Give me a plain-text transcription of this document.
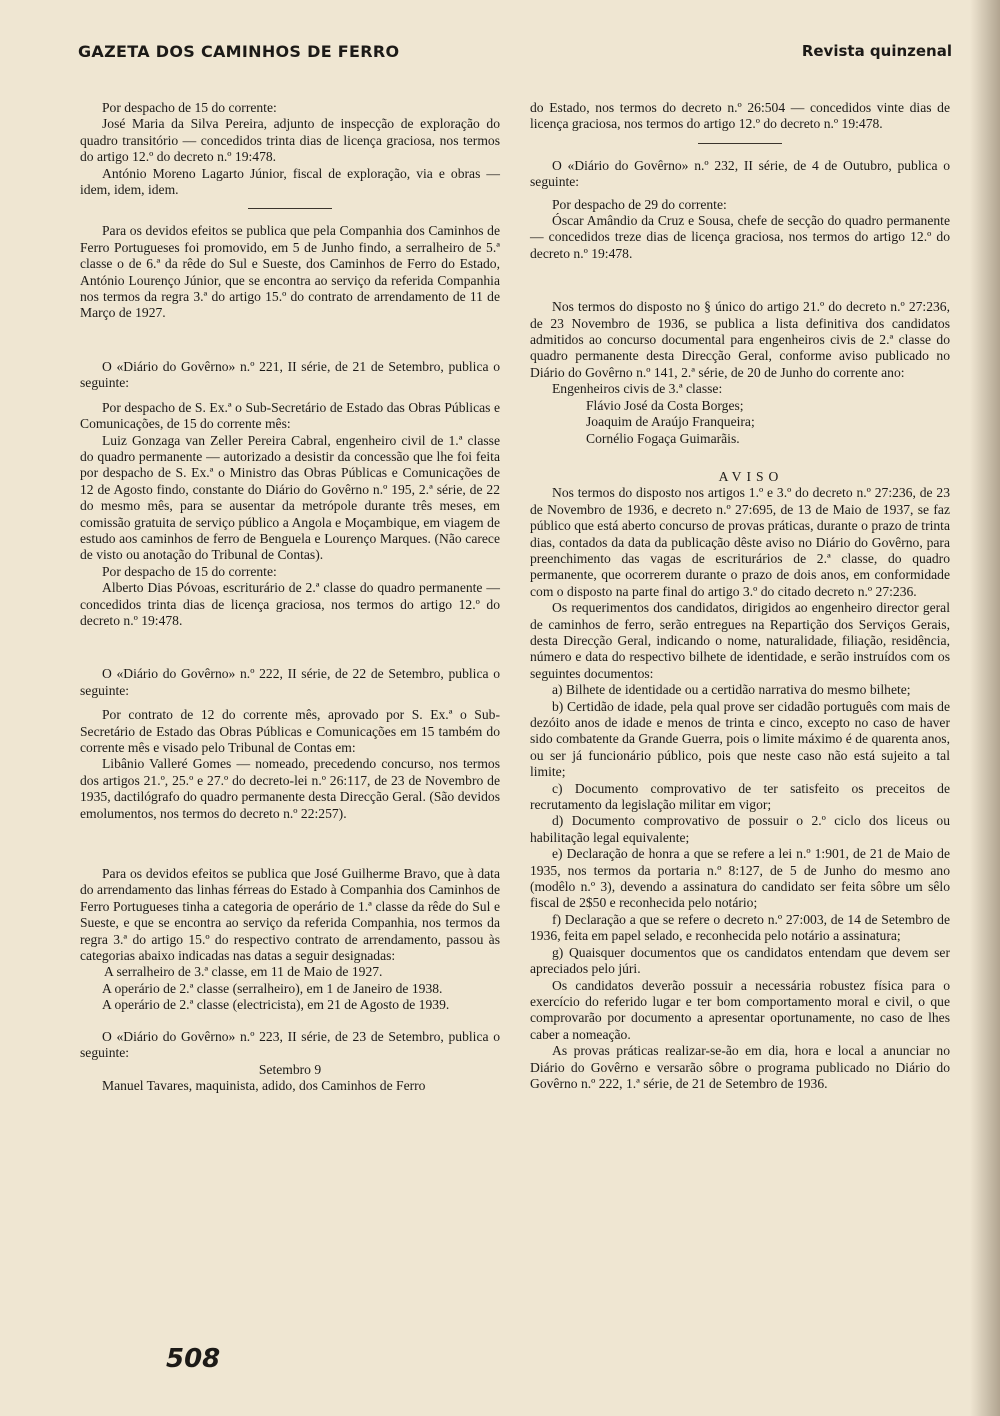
GAZETA DOS CAMINHOS DE FERRO	Revista quinzenal

Por despacho de 15 do corrente:

José Maria da Silva Pereira, adjunto de inspecção de exploração do quadro transitório — concedidos trinta dias de licença graciosa, nos termos do artigo 12.º do decreto n.º 19:478.

António Moreno Lagarto Júnior, fiscal de exploração, via e obras — idem, idem, idem.

Para os devidos efeitos se publica que pela Companhia dos Caminhos de Ferro Portugueses foi promovido, em 5 de Junho findo, a serralheiro de 5.ª classe o de 6.ª da rêde do Sul e Sueste, dos Caminhos de Ferro do Estado, António Lourenço Júnior, que se encontra ao serviço da referida Companhia nos termos da regra 3.ª do artigo 15.º do contrato de arrendamento de 11 de Março de 1927.

O «Diário do Govêrno» n.º 221, II série, de 21 de Setembro, publica o seguinte:

Por despacho de S. Ex.ª o Sub-Secretário de Estado das Obras Públicas e Comunicações, de 15 do corrente mês:

Luiz Gonzaga van Zeller Pereira Cabral, engenheiro civil de 1.ª classe do quadro permanente — autorizado a desistir da concessão que lhe foi feita por despacho de S. Ex.ª o Ministro das Obras Públicas e Comunicações de 12 de Agosto findo, constante do Diário do Govêrno n.º 195, 2.ª série, de 22 do mesmo mês, para se ausentar da metrópole durante três meses, em comissão gratuita de serviço público a Angola e Moçambique, em viagem de estudo aos caminhos de ferro de Benguela e Lourenço Marques. (Não carece de visto ou anotação do Tribunal de Contas).

Por despacho de 15 do corrente:

Alberto Dias Póvoas, escriturário de 2.ª classe do quadro permanente — concedidos trinta dias de licença graciosa, nos termos do artigo 12.º do decreto n.º 19:478.

O «Diário do Govêrno» n.º 222, II série, de 22 de Setembro, publica o seguinte:

Por contrato de 12 do corrente mês, aprovado por S. Ex.ª o Sub-Secretário de Estado das Obras Públicas e Comunicações em 15 também do corrente mês e visado pelo Tribunal de Contas em:

Libânio Valleré Gomes — nomeado, precedendo concurso, nos termos dos artigos 21.º, 25.º e 27.º do decreto-lei n.º 26:117, de 23 de Novembro de 1935, dactilógrafo do quadro permanente desta Direcção Geral. (São devidos emolumentos, nos termos do decreto n.º 22:257).

Para os devidos efeitos se publica que José Guilherme Bravo, que à data do arrendamento das linhas férreas do Estado à Companhia dos Caminhos de Ferro Portugueses tinha a categoria de operário de 1.ª classe da rêde do Sul e Sueste, e que se encontra ao serviço da referida Companhia, nos termos da regra 3.ª do artigo 15.º do respectivo contrato de arrendamento, passou às categorias abaixo indicadas nas datas a seguir designadas:

A serralheiro de 3.ª classe, em 11 de Maio de 1927.

A operário de 2.ª classe (serralheiro), em 1 de Janeiro de 1938.

A operário de 2.ª classe (electricista), em 21 de Agosto de 1939.

O «Diário do Govêrno» n.º 223, II série, de 23 de Setembro, publica o seguinte:

Setembro 9

Manuel Tavares, maquinista, adido, dos Caminhos de Ferro

do Estado, nos termos do decreto n.º 26:504 — concedidos vinte dias de licença graciosa, nos termos do artigo 12.º do decreto n.º 19:478.

O «Diário do Govêrno» n.º 232, II série, de 4 de Outubro, publica o seguinte:

Por despacho de 29 do corrente:

Óscar Amândio da Cruz e Sousa, chefe de secção do quadro permanente — concedidos treze dias de licença graciosa, nos termos do artigo 12.º do decreto n.º 19:478.

Nos termos do disposto no § único do artigo 21.º do decreto n.º 27:236, de 23 Novembro de 1936, se publica a lista definitiva dos candidatos admitidos ao concurso documental para engenheiros civis de 2.ª classe do quadro permanente desta Direcção Geral, conforme aviso publicado no Diário do Govêrno n.º 141, 2.ª série, de 20 de Junho do corrente ano:

Engenheiros civis de 3.ª classe:

Flávio José da Costa Borges;

Joaquim de Araújo Franqueira;

Cornélio Fogaça Guimarãis.

AVISO

Nos termos do disposto nos artigos 1.º e 3.º do decreto n.º 27:236, de 23 de Novembro de 1936, e decreto n.º 27:695, de 13 de Maio de 1937, se faz público que está aberto concurso de provas práticas, durante o prazo de trinta dias, contados da data da publicação dêste aviso no Diário do Govêrno, para preenchimento das vagas de escriturários de 2.ª classe, do quadro permanente, que ocorrerem durante o prazo de dois anos, em conformidade com o disposto na parte final do artigo 3.º do citado decreto n.º 27:236.

Os requerimentos dos candidatos, dirigidos ao engenheiro director geral de caminhos de ferro, serão entregues na Repartição dos Serviços Gerais, desta Direcção Geral, indicando o nome, naturalidade, filiação, residência, número e data do respectivo bilhete de identidade, e serão instruídos com os seguintes documentos:

a) Bilhete de identidade ou a certidão narrativa do mesmo bilhete;

b) Certidão de idade, pela qual prove ser cidadão português com mais de dezóito anos de idade e menos de trinta e cinco, excepto no caso de haver sido combatente da Grande Guerra, pois o limite máximo é de quarenta anos, ou ser já funcionário público, pois que neste caso não está sujeito a tal limite;

c) Documento comprovativo de ter satisfeito os preceitos de recrutamento da legislação militar em vigor;

d) Documento comprovativo de possuir o 2.º ciclo dos liceus ou habilitação legal equivalente;

e) Declaração de honra a que se refere a lei n.º 1:901, de 21 de Maio de 1935, nos termos da portaria n.º 8:127, de 5 de Junho do mesmo ano (modêlo n.º 3), devendo a assinatura do candidato ser feita sôbre um sêlo fiscal de 2$50 e reconhecida pelo notário;

f) Declaração a que se refere o decreto n.º 27:003, de 14 de Setembro de 1936, feita em papel selado, e reconhecida pelo notário a assinatura;

g) Quaisquer documentos que os candidatos entendam que devem ser apreciados pelo júri.

Os candidatos deverão possuir a necessária robustez física para o exercício do referido lugar e ter bom comportamento moral e civil, o que comprovarão por documento a apresentar oportunamente, no caso de lhes caber a nomeação.

As provas práticas realizar-se-ão em dia, hora e local a anunciar no Diário do Govêrno e versarão sôbre o programa publicado no Diário do Govêrno n.º 222, 1.ª série, de 21 de Setembro de 1936.

508
